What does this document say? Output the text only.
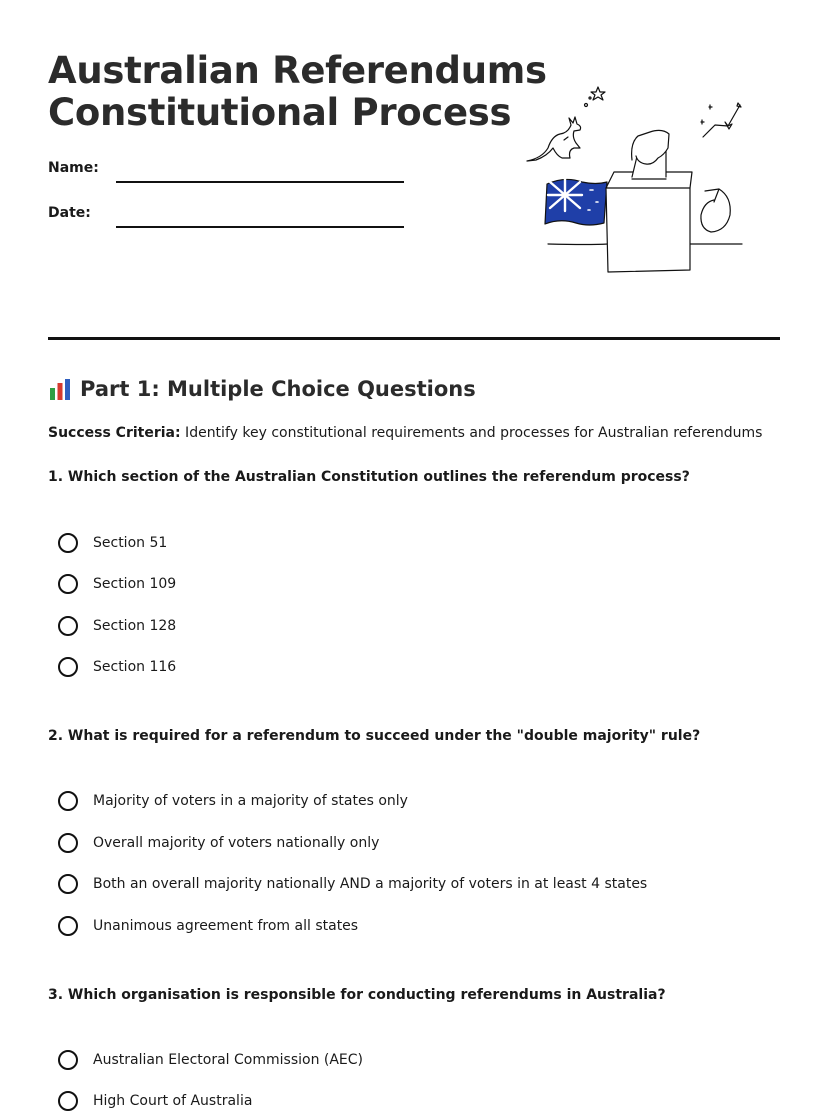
Australian Referendums
Constitutional Process
Name:
Date:
Part 1: Multiple Choice Questions
Success Criteria: Identify key constitutional requirements and processes for Australian referendums
1. Which section of the Australian Constitution outlines the referendum process?
Section 51
Section 109
Section 128
Section 116
2. What is required for a referendum to succeed under the "double majority" rule?
Majority of voters in a majority of states only
Overall majority of voters nationally only
Both an overall majority nationally AND a majority of voters in at least 4 states
Unanimous agreement from all states
3. Which organisation is responsible for conducting referendums in Australia?
Australian Electoral Commission (AEC)
High Court of Australia
